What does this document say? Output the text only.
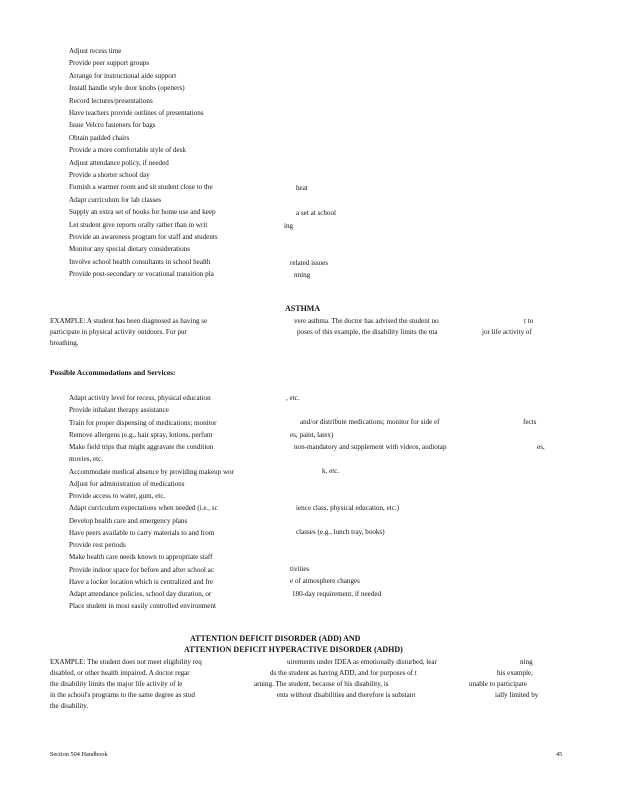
Adjust recess time
Provide peer support groups
Arrange for instructional aide support
Install handle style door knobs (openers)
Record lectures/presentations
Have teachers provide outlines of presentations
Issue Velcro fasteners for bags
Obtain padded chairs
Provide a more comfortable style of desk
Adjust attendance policy, if needed
Provide a shorter school day
Furnish a warmer room and sit student close to the
Adapt curriculum for lab classes
Supply an extra set of books for home use and keep
Let student give reports orally rather than in writ
Provide an awareness program for staff and students
Monitor any special dietary considerations
Involve school health consultants in school health
Provide post-secondary or vocational transition pla
heat
a set at school
ing
related issues
nning
ASTHMA
EXAMPLE: A student has been diagnosed as having se	vere asthma. The doctor has advised the student no	t to
participate in physical activity outdoors. For pur	poses of this example, the disability limits the ma	jor life activity of
breathing.
Possible Accommodations and Services:
Adapt activity level for recess, physical education
Provide inhalant therapy assistance
Train for proper dispensing of medications; monitor
Remove allergens (e.g., hair spray, lotions, perfum
Make field trips that might aggravate the condition
movies, etc.
Accommodate medical absence by providing makeup wor
Adjust for administration of medications
Provide access to water, gum, etc.
Adapt curriculum expectations when needed (i.e., sc
Develop health care and emergency plans
Have peers available to carry materials to and from
Provide rest periods
Make health care needs known to appropriate staff
Provide indoor space for before and after school ac
Have a locker location which is centralized and fre
Adapt attendance policies, school day duration, or
Place student in most easily controlled environment
, etc.
and/or distribute medications; monitor for side ef	fects
es, paint, latex)
non-mandatory and supplement with videos, audiotap	es,
k, etc.
ience class, physical education, etc.)
classes (e.g., lunch tray, books)
tivities
e of atmosphere changes
180-day requirement, if needed
ATTENTION DEFICIT DISORDER (ADD) AND
ATTENTION DEFICIT HYPERACTIVE DISORDER (ADHD)
EXAMPLE: The student does not meet eligibility req	uirements under IDEA as emotionally disturbed, lear	ning
disabled, or other health impaired. A doctor regar	ds the student as having ADD, and for purposes of t	his example,
the disability limits the major life activity of le	arning. The student, because of his disability, is	unable to participate
in the school's programs to the same degree as stud	ents without disabilities and therefore is substant	ially limited by
the disability.
Section 504 Handbook	45
